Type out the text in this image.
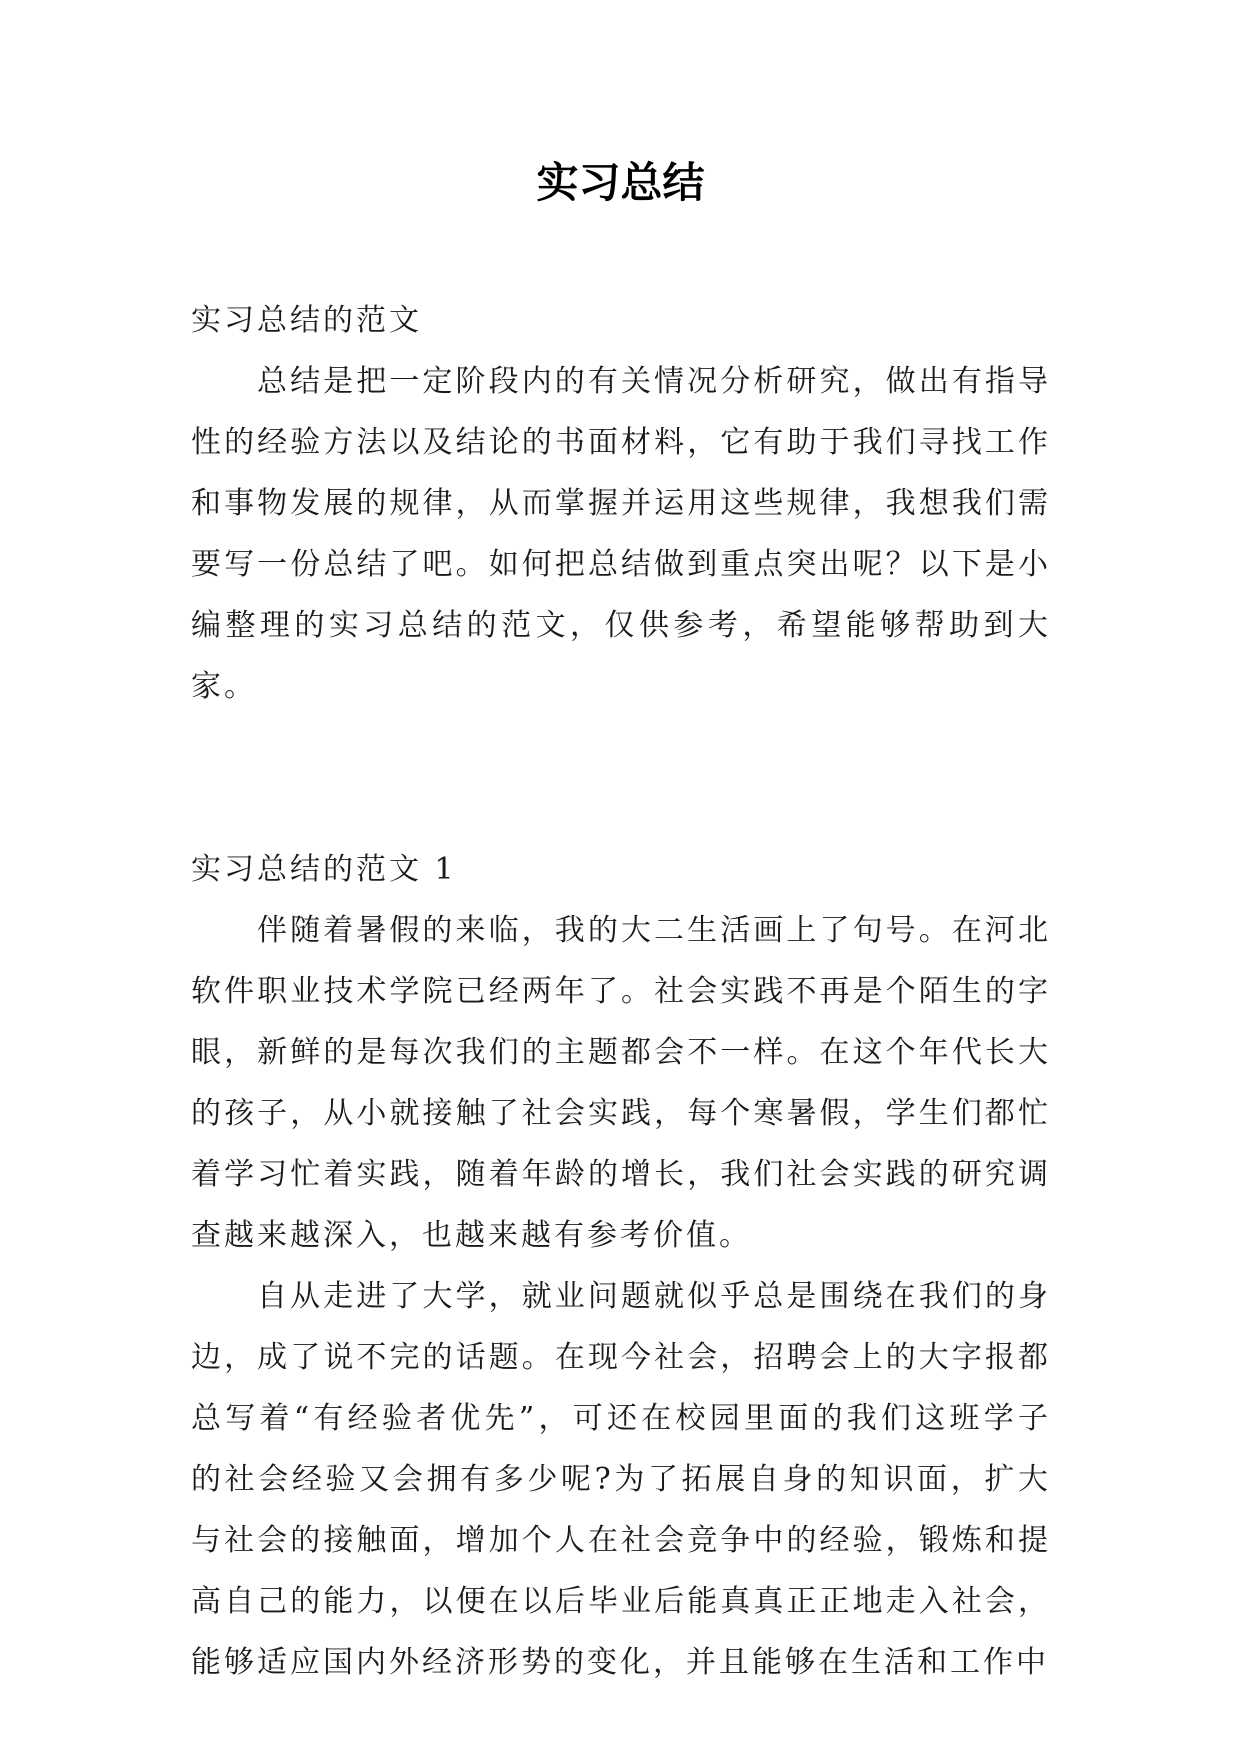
实习总结

实习总结的范文

总结是把一定阶段内的有关情况分析研究，做出有指导性的经验方法以及结论的书面材料，它有助于我们寻找工作和事物发展的规律，从而掌握并运用这些规律，我想我们需要写一份总结了吧。如何把总结做到重点突出呢？以下是小编整理的实习总结的范文，仅供参考，希望能够帮助到大家。

实习总结的范文 1

伴随着暑假的来临，我的大二生活画上了句号。在河北软件职业技术学院已经两年了。社会实践不再是个陌生的字眼，新鲜的是每次我们的主题都会不一样。在这个年代长大的孩子，从小就接触了社会实践，每个寒暑假，学生们都忙着学习忙着实践，随着年龄的增长，我们社会实践的研究调查越来越深入，也越来越有参考价值。

自从走进了大学，就业问题就似乎总是围绕在我们的身边，成了说不完的话题。在现今社会，招聘会上的大字报都总写着“有经验者优先”，可还在校园里面的我们这班学子的社会经验又会拥有多少呢?为了拓展自身的知识面，扩大与社会的接触面，增加个人在社会竞争中的经验，锻炼和提高自己的能力，以便在以后毕业后能真真正正地走入社会，能够适应国内外经济形势的变化，并且能够在生活和工作中
